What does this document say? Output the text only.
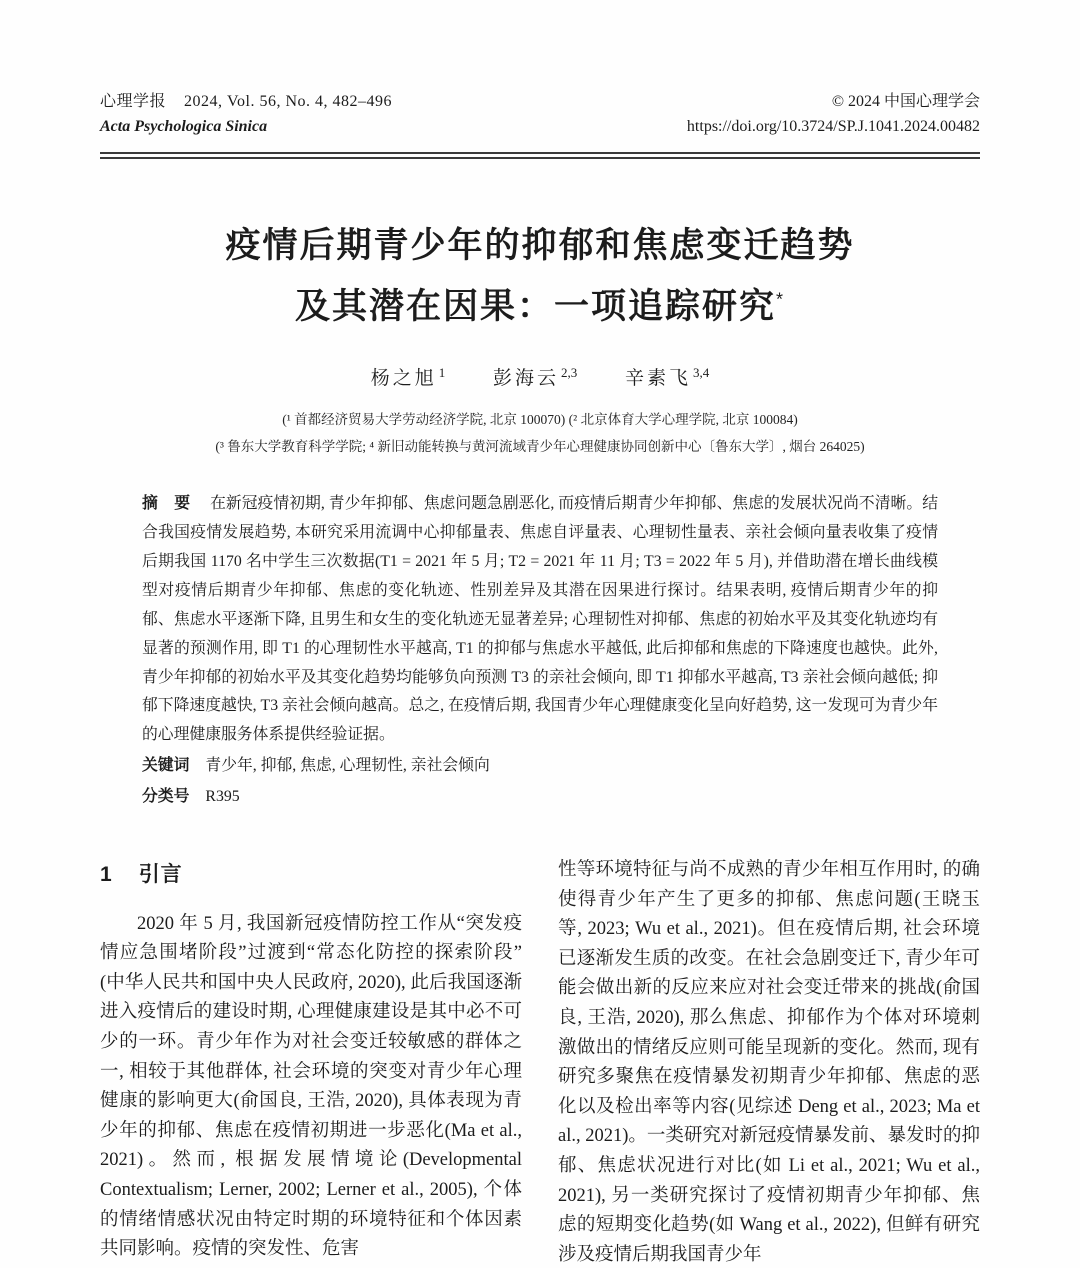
心理学报 2024, Vol. 56, No. 4, 482–496
Acta Psychologica Sinica
© 2024 中国心理学会
https://doi.org/10.3724/SP.J.1041.2024.00482
疫情后期青少年的抑郁和焦虑变迁趋势
及其潜在因果：一项追踪研究*
杨之旭 $^1$	彭海云 $^{2,3}$	辛素飞 $^{3,4}$
(¹ 首都经济贸易大学劳动经济学院, 北京 100070) (² 北京体育大学心理学院, 北京 100084)
(³ 鲁东大学教育科学学院; ⁴ 新旧动能转换与黄河流域青少年心理健康协同创新中心〔鲁东大学〕, 烟台 264025)
摘 要 在新冠疫情初期, 青少年抑郁、焦虑问题急剧恶化, 而疫情后期青少年抑郁、焦虑的发展状况尚不清晰。结合我国疫情发展趋势, 本研究采用流调中心抑郁量表、焦虑自评量表、心理韧性量表、亲社会倾向量表收集了疫情后期我国 1170 名中学生三次数据(T1 = 2021 年 5 月; T2 = 2021 年 11 月; T3 = 2022 年 5 月), 并借助潜在增长曲线模型对疫情后期青少年抑郁、焦虑的变化轨迹、性别差异及其潜在因果进行探讨。结果表明, 疫情后期青少年的抑郁、焦虑水平逐渐下降, 且男生和女生的变化轨迹无显著差异; 心理韧性对抑郁、焦虑的初始水平及其变化轨迹均有显著的预测作用, 即 T1 的心理韧性水平越高, T1 的抑郁与焦虑水平越低, 此后抑郁和焦虑的下降速度也越快。此外, 青少年抑郁的初始水平及其变化趋势均能够负向预测 T3 的亲社会倾向, 即 T1 抑郁水平越高, T3 亲社会倾向越低; 抑郁下降速度越快, T3 亲社会倾向越高。总之, 在疫情后期, 我国青少年心理健康变化呈向好趋势, 这一发现可为青少年的心理健康服务体系提供经验证据。
关键词 青少年, 抑郁, 焦虑, 心理韧性, 亲社会倾向
分类号 R395
1 引言

2020 年 5 月, 我国新冠疫情防控工作从“突发疫情应急围堵阶段”过渡到“常态化防控的探索阶段” (中华人民共和国中央人民政府, 2020), 此后我国逐渐进入疫情后的建设时期, 心理健康建设是其中必不可少的一环。青少年作为对社会变迁较敏感的群体之一, 相较于其他群体, 社会环境的突变对青少年心理健康的影响更大(俞国良, 王浩, 2020), 具体表现为青少年的抑郁、焦虑在疫情初期进一步恶化(Ma et al., 2021)。然而, 根据发展情境论(Developmental Contextualism; Lerner, 2002; Lerner et al., 2005), 个体的情绪情感状况由特定时期的环境特征和个体因素共同影响。疫情的突发性、危害

性等环境特征与尚不成熟的青少年相互作用时, 的确使得青少年产生了更多的抑郁、焦虑问题(王晓玉 等, 2023; Wu et al., 2021)。但在疫情后期, 社会环境已逐渐发生质的改变。在社会急剧变迁下, 青少年可能会做出新的反应来应对社会变迁带来的挑战(俞国良, 王浩, 2020), 那么焦虑、抑郁作为个体对环境刺激做出的情绪反应则可能呈现新的变化。然而, 现有研究多聚焦在疫情暴发初期青少年抑郁、焦虑的恶化以及检出率等内容(见综述 Deng et al., 2023; Ma et al., 2021)。一类研究对新冠疫情暴发前、暴发时的抑郁、焦虑状况进行对比(如 Li et al., 2021; Wu et al., 2021), 另一类研究探讨了疫情初期青少年抑郁、焦虑的短期变化趋势(如 Wang et al., 2022), 但鲜有研究涉及疫情后期我国青少年
